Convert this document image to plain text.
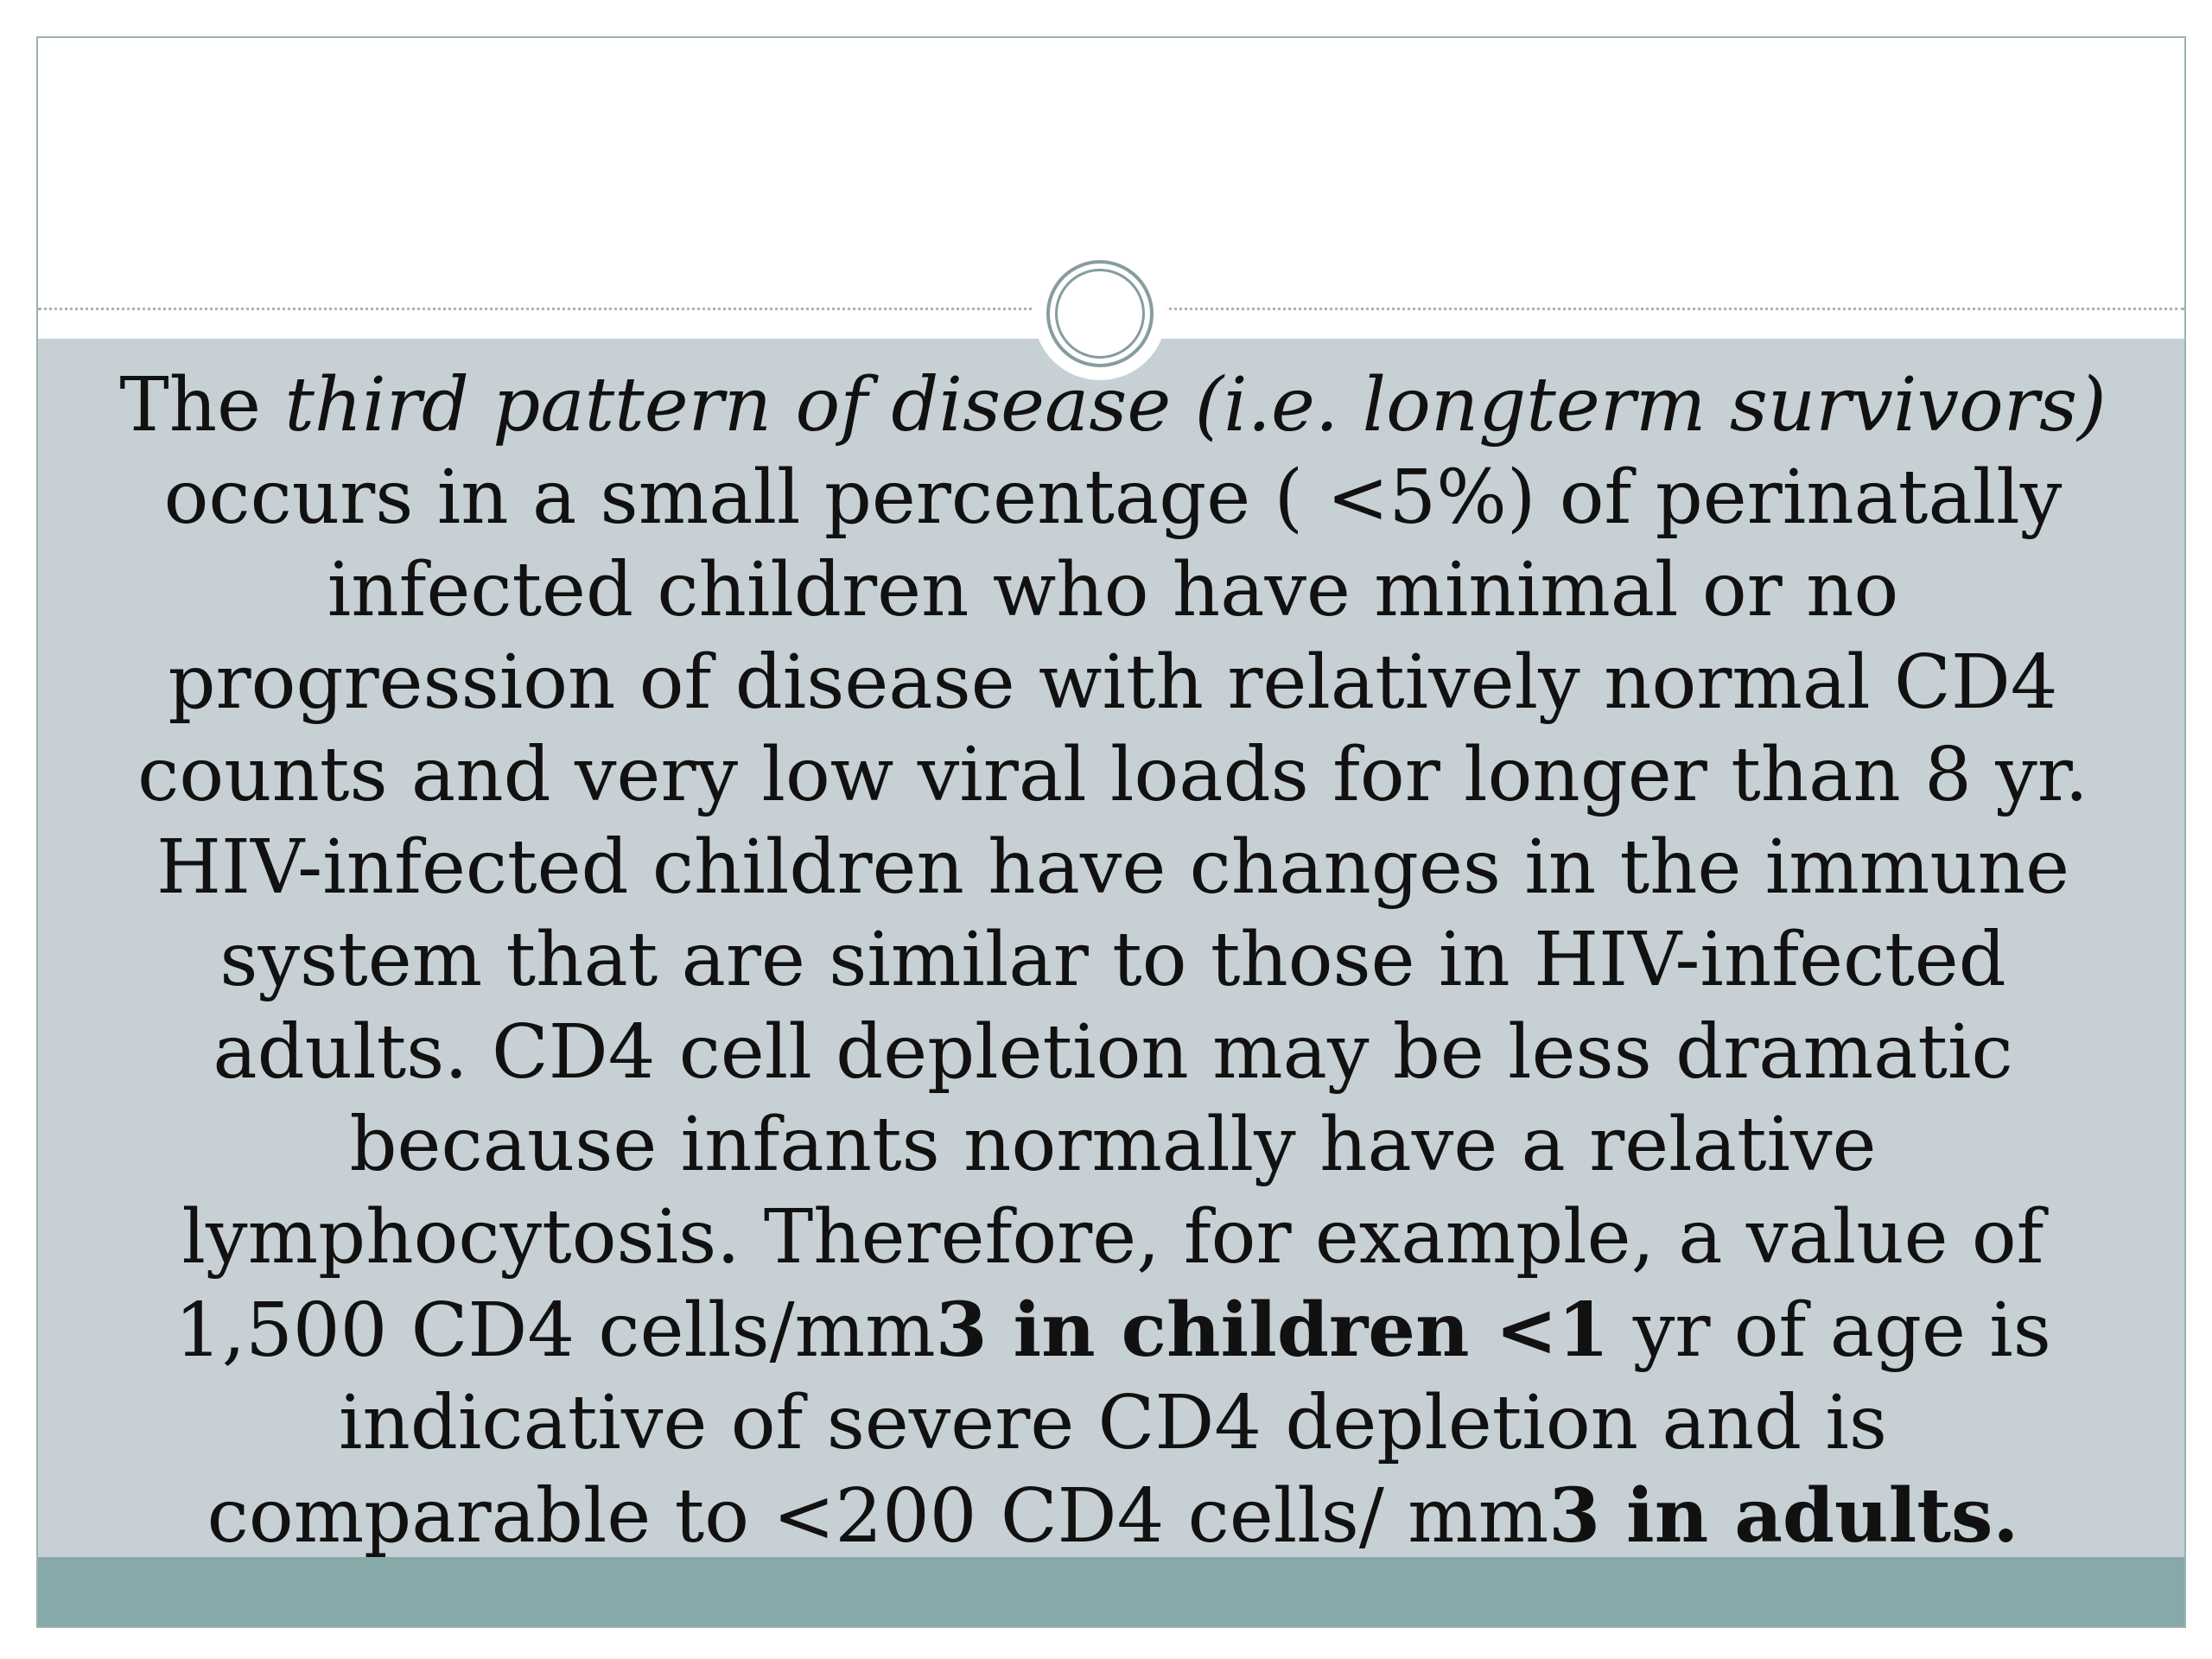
The third pattern of disease (i.e. longterm survivors) occurs in a small percentage ( <5%) of perinatally infected children who have minimal or no progression of disease with relatively normal CD4 counts and very low viral loads for longer than 8 yr.

HIV-infected children have changes in the immune system that are similar to those in HIV-infected adults. CD4 cell depletion may be less dramatic because infants normally have a relative lymphocytosis. Therefore, for example, a value of 1,500 CD4 cells/mm3 in children <1 yr of age is indicative of severe CD4 depletion and is comparable to <200 CD4 cells/ mm3 in adults.
